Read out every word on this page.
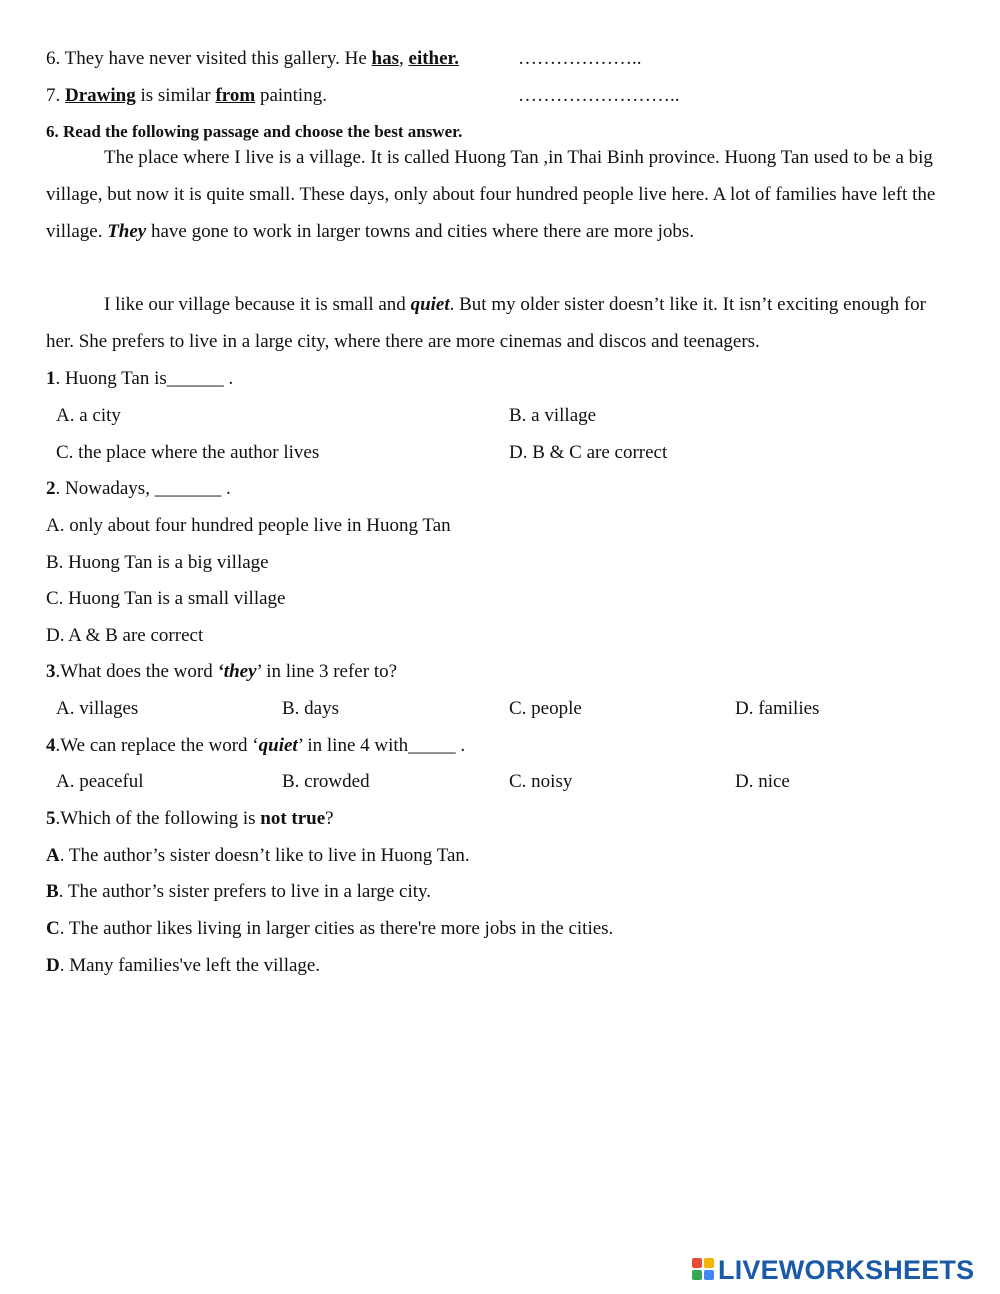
6. They have never visited this gallery. He has, either.	………………..
7. Drawing is similar from painting.	……………………..
6. Read the following passage and choose the best answer.

The place where I live is a village. It is called Huong Tan ,in Thai Binh province. Huong Tan used to be a big village, but now it is quite small. These days, only about four hundred people live here. A lot of families have left the village. They have gone to work in larger towns and cities where there are more jobs.

I like our village because it is small and quiet. But my older sister doesn’t like it. It isn’t exciting enough for her. She prefers to live in a large city, where there are more cinemas and discos and teenagers.

1. Huong Tan is______ .
A. a city	B. a village
C. the place where the author lives	D. B & C are correct
2. Nowadays, _______ .
A. only about four hundred people live in Huong Tan
B. Huong Tan is a big village
C. Huong Tan is a small village
D. A & B are correct
3.What does the word ‘they’ in line 3 refer to?
A. villages	B. days	C. people	D. families
4.We can replace the word ‘quiet’ in line 4 with_____ .
A. peaceful	B. crowded	C. noisy	D. nice
5.Which of the following is not true?
A. The author’s sister doesn’t like to live in Huong Tan.
B. The author’s sister prefers to live in a large city.
C. The author likes living in larger cities as there're more jobs in the cities.
D. Many families've left the village.
LIVEWORKSHEETS
